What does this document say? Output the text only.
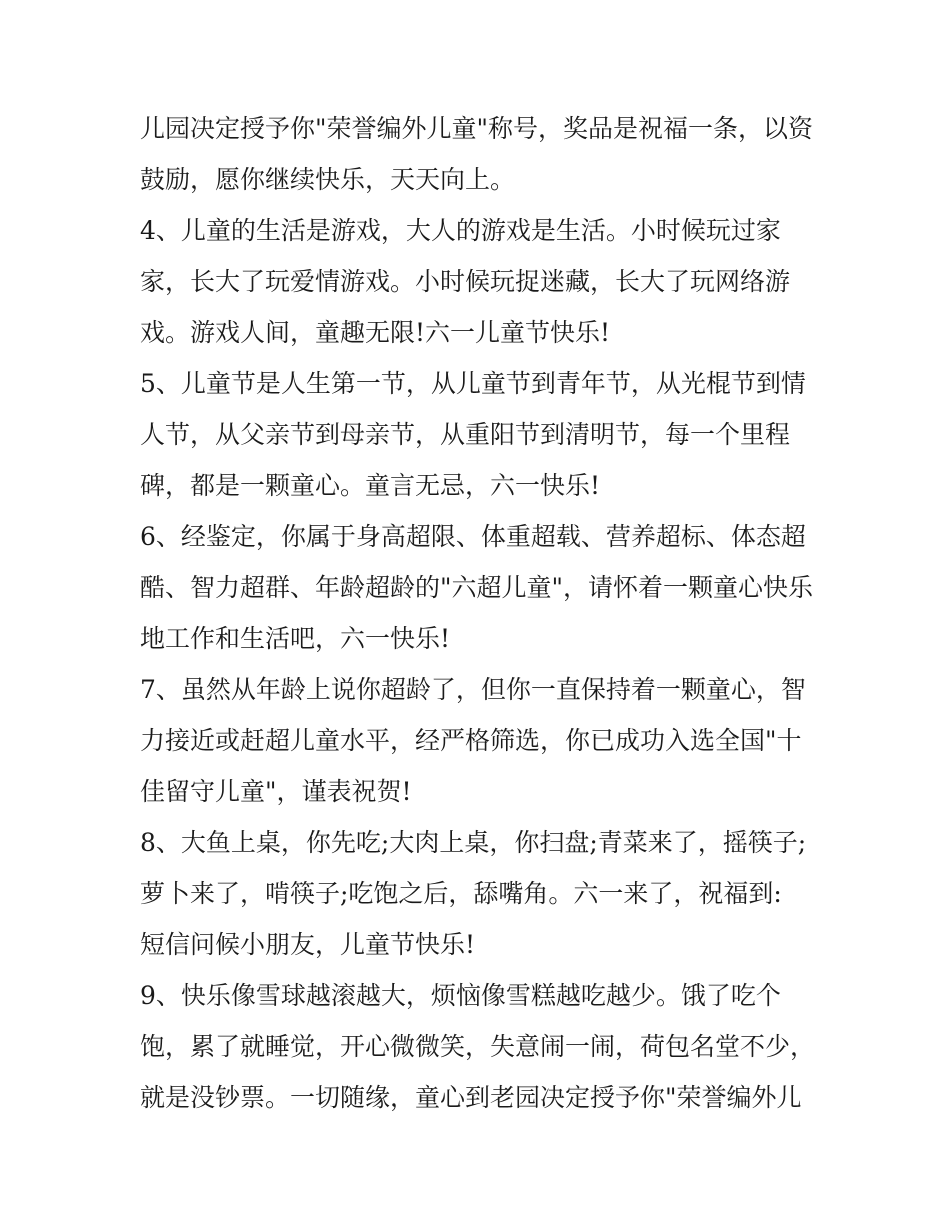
儿园决定授予你"荣誉编外儿童"称号，奖品是祝福一条，以资
鼓励，愿你继续快乐，天天向上。
4、儿童的生活是游戏，大人的游戏是生活。小时候玩过家
家，长大了玩爱情游戏。小时候玩捉迷藏，长大了玩网络游
戏。游戏人间，童趣无限!六一儿童节快乐!
5、儿童节是人生第一节，从儿童节到青年节，从光棍节到情
人节，从父亲节到母亲节，从重阳节到清明节，每一个里程
碑，都是一颗童心。童言无忌，六一快乐!
6、经鉴定，你属于身高超限、体重超载、营养超标、体态超
酷、智力超群、年龄超龄的"六超儿童"，请怀着一颗童心快乐
地工作和生活吧，六一快乐!
7、虽然从年龄上说你超龄了，但你一直保持着一颗童心，智
力接近或赶超儿童水平，经严格筛选，你已成功入选全国"十
佳留守儿童"，谨表祝贺!
8、大鱼上桌，你先吃;大肉上桌，你扫盘;青菜来了，摇筷子;
萝卜来了，啃筷子;吃饱之后，舔嘴角。六一来了，祝福到:
短信问候小朋友，儿童节快乐!
9、快乐像雪球越滚越大，烦恼像雪糕越吃越少。饿了吃个
饱，累了就睡觉，开心微微笑，失意闹一闹，荷包名堂不少，
就是没钞票。一切随缘，童心到老园决定授予你"荣誉编外儿
